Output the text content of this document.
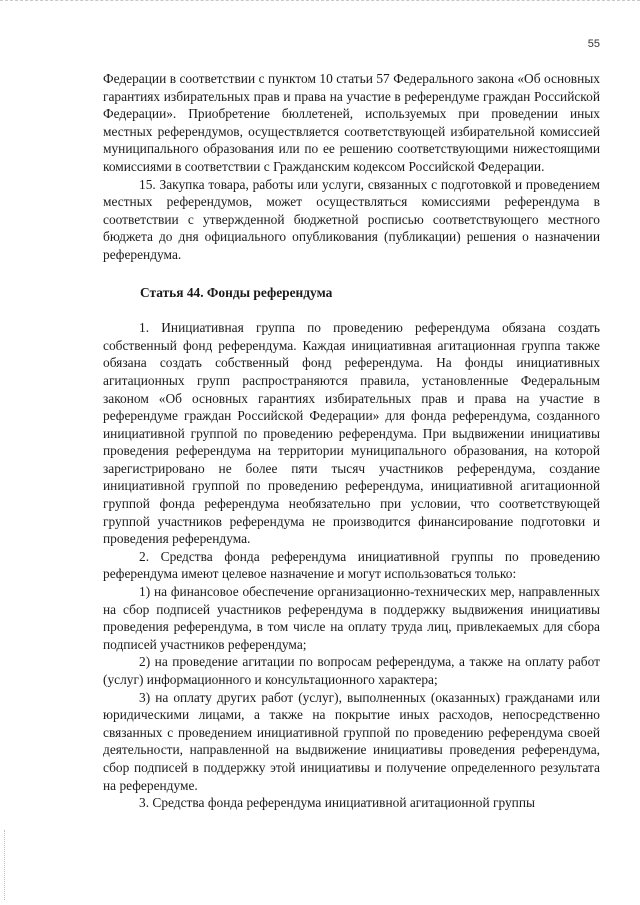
55

Федерации в соответствии с пунктом 10 статьи 57 Федерального закона «Об основных гарантиях избирательных прав и права на участие в референдуме граждан Российской Федерации». Приобретение бюллетеней, используемых при проведении иных местных референдумов, осуществляется соответствующей избирательной комиссией муниципального образования или по ее решению соответствующими нижестоящими комиссиями в соответствии с Гражданским кодексом Российской Федерации.

15. Закупка товара, работы или услуги, связанных с подготовкой и проведением местных референдумов, может осуществляться комиссиями референдума в соответствии с утвержденной бюджетной росписью соответствующего местного бюджета до дня официального опубликования (публикации) решения о назначении референдума.

Статья 44. Фонды референдума

1. Инициативная группа по проведению референдума обязана создать собственный фонд референдума. Каждая инициативная агитационная группа также обязана создать собственный фонд референдума. На фонды инициативных агитационных групп распространяются правила, установленные Федеральным законом «Об основных гарантиях избирательных прав и права на участие в референдуме граждан Российской Федерации» для фонда референдума, созданного инициативной группой по проведению референдума. При выдвижении инициативы проведения референдума на территории муниципального образования, на которой зарегистрировано не более пяти тысяч участников референдума, создание инициативной группой по проведению референдума, инициативной агитационной группой фонда референдума необязательно при условии, что соответствующей группой участников референдума не производится финансирование подготовки и проведения референдума.

2. Средства фонда референдума инициативной группы по проведению референдума имеют целевое назначение и могут использоваться только:

1) на финансовое обеспечение организационно-технических мер, направленных на сбор подписей участников референдума в поддержку выдвижения инициативы проведения референдума, в том числе на оплату труда лиц, привлекаемых для сбора подписей участников референдума;

2) на проведение агитации по вопросам референдума, а также на оплату работ (услуг) информационного и консультационного характера;

3) на оплату других работ (услуг), выполненных (оказанных) гражданами или юридическими лицами, а также на покрытие иных расходов, непосредственно связанных с проведением инициативной группой по проведению референдума своей деятельности, направленной на выдвижение инициативы проведения референдума, сбор подписей в поддержку этой инициативы и получение определенного результата на референдуме.

3. Средства фонда референдума инициативной агитационной группы
